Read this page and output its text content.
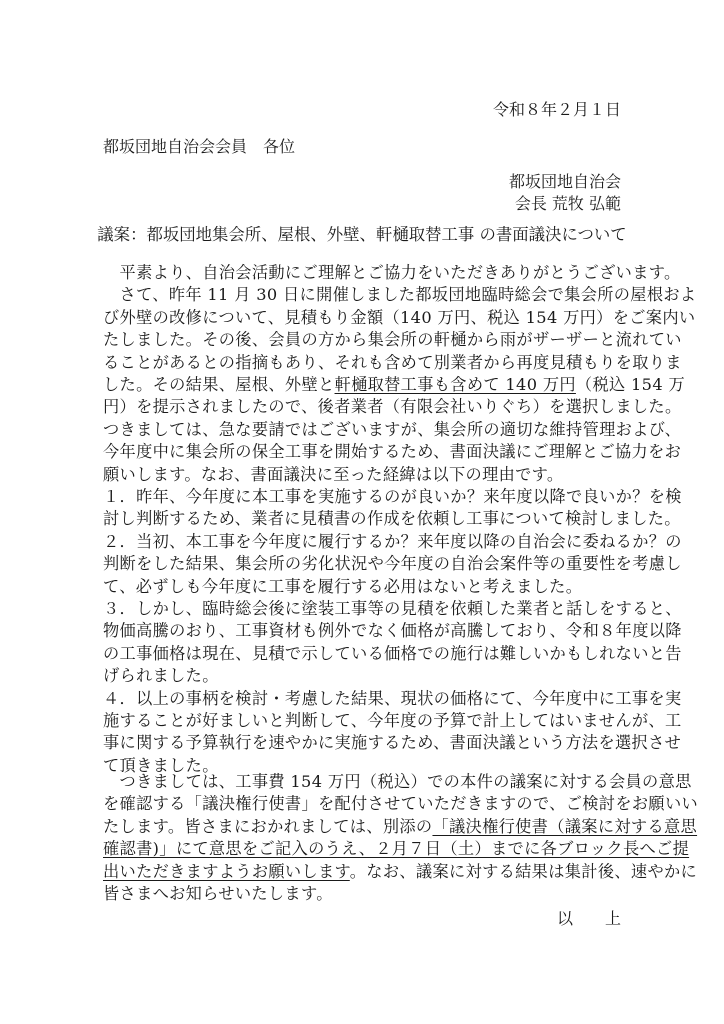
令和８年２月１日
都坂団地自治会会員　各位
都坂団地自治会
会長 荒牧 弘範
議案：都坂団地集会所、屋根、外壁、軒樋取替工事 の書面議決について
　平素より、自治会活動にご理解とご協力をいただきありがとうございます。
　さて、昨年 11 月 30 日に開催しました都坂団地臨時総会で集会所の屋根およ
び外壁の改修について、見積もり金額（140 万円、税込 154 万円）をご案内い
たしました。その後、会員の方から集会所の軒樋から雨がザーザーと流れてい
ることがあるとの指摘もあり、それも含めて別業者から再度見積もりを取りま
した。その結果、屋根、外壁と軒樋取替工事も含めて 140 万円（税込 154 万
円）を提示されましたので、後者業者（有限会社いりぐち）を選択しました。
つきましては、急な要請ではございますが、集会所の適切な維持管理および、
今年度中に集会所の保全工事を開始するため、書面決議にご理解とご協力をお
願いします。なお、書面議決に至った経緯は以下の理由です。
１．昨年、今年度に本工事を実施するのが良いか？来年度以降で良いか？を検
討し判断するため、業者に見積書の作成を依頼し工事について検討しました。
２．当初、本工事を今年度に履行するか？来年度以降の自治会に委ねるか？の
判断をした結果、集会所の劣化状況や今年度の自治会案件等の重要性を考慮し
て、必ずしも今年度に工事を履行する必用はないと考えました。
３．しかし、臨時総会後に塗装工事等の見積を依頼した業者と話しをすると、
物価高騰のおり、工事資材も例外でなく価格が高騰しており、令和８年度以降
の工事価格は現在、見積で示している価格での施行は難しいかもしれないと告
げられました。
４．以上の事柄を検討・考慮した結果、現状の価格にて、今年度中に工事を実
施することが好ましいと判断して、今年度の予算で計上してはいませんが、工
事に関する予算執行を速やかに実施するため、書面決議という方法を選択させ
て頂きました。
　つきましては、工事費 154 万円（税込）での本件の議案に対する会員の意思
を確認する「議決権行使書」を配付させていただきますので、ご検討をお願いい
たします。皆さまにおかれましては、別添の「議決権行使書（議案に対する意思
確認書)」にて意思をご記入のうえ、２月７日（土）までに各ブロック長へご提
出いただきますようお願いします。なお、議案に対する結果は集計後、速やかに
皆さまへお知らせいたします。
以　　上
